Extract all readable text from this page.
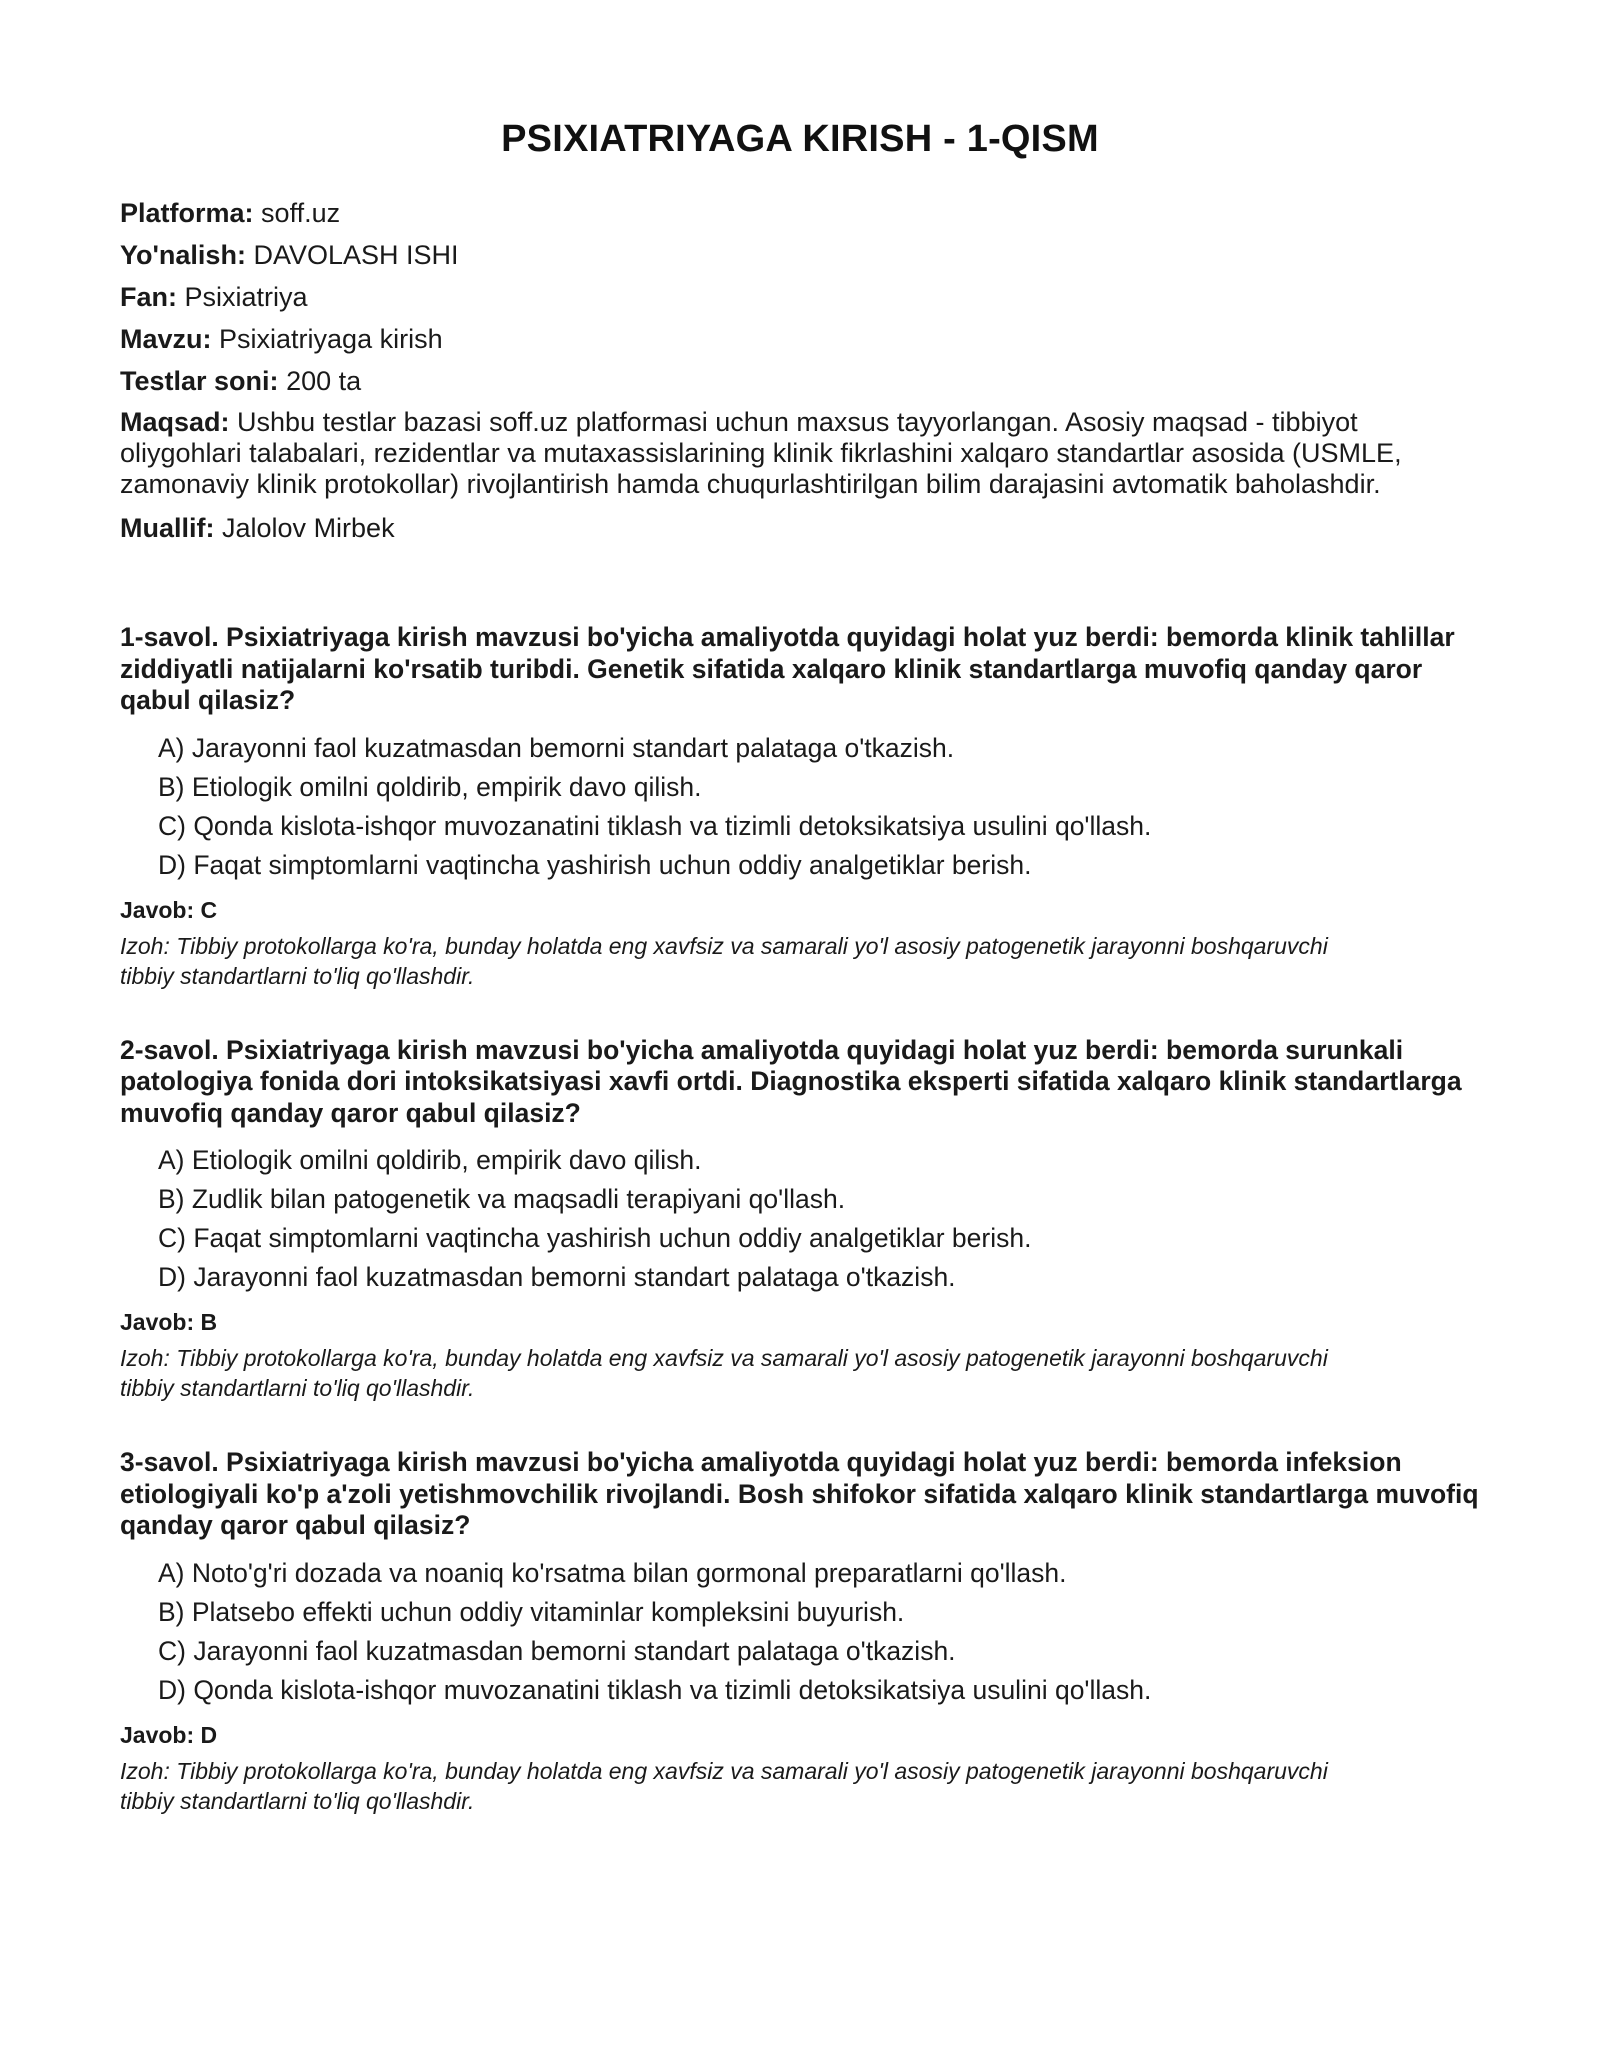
PSIXIATRIYAGA KIRISH - 1-QISM

Platforma: soff.uz

Yo'nalish: DAVOLASH ISHI

Fan: Psixiatriya

Mavzu: Psixiatriyaga kirish

Testlar soni: 200 ta

Maqsad: Ushbu testlar bazasi soff.uz platformasi uchun maxsus tayyorlangan. Asosiy maqsad - tibbiyot oliygohlari talabalari, rezidentlar va mutaxassislarining klinik fikrlashini xalqaro standartlar asosida (USMLE, zamonaviy klinik protokollar) rivojlantirish hamda chuqurlashtirilgan bilim darajasini avtomatik baholashdir.

Muallif: Jalolov Mirbek

1-savol. Psixiatriyaga kirish mavzusi bo'yicha amaliyotda quyidagi holat yuz berdi: bemorda klinik tahlillar ziddiyatli natijalarni ko'rsatib turibdi. Genetik sifatida xalqaro klinik standartlarga muvofiq qanday qaror qabul qilasiz?

A) Jarayonni faol kuzatmasdan bemorni standart palataga o'tkazish.
B) Etiologik omilni qoldirib, empirik davo qilish.
C) Qonda kislota-ishqor muvozanatini tiklash va tizimli detoksikatsiya usulini qo'llash.
D) Faqat simptomlarni vaqtincha yashirish uchun oddiy analgetiklar berish.

Javob: C

Izoh: Tibbiy protokollarga ko'ra, bunday holatda eng xavfsiz va samarali yo'l asosiy patogenetik jarayonni boshqaruvchi tibbiy standartlarni to'liq qo'llashdir.

2-savol. Psixiatriyaga kirish mavzusi bo'yicha amaliyotda quyidagi holat yuz berdi: bemorda surunkali patologiya fonida dori intoksikatsiyasi xavfi ortdi. Diagnostika eksperti sifatida xalqaro klinik standartlarga muvofiq qanday qaror qabul qilasiz?

A) Etiologik omilni qoldirib, empirik davo qilish.
B) Zudlik bilan patogenetik va maqsadli terapiyani qo'llash.
C) Faqat simptomlarni vaqtincha yashirish uchun oddiy analgetiklar berish.
D) Jarayonni faol kuzatmasdan bemorni standart palataga o'tkazish.

Javob: B

Izoh: Tibbiy protokollarga ko'ra, bunday holatda eng xavfsiz va samarali yo'l asosiy patogenetik jarayonni boshqaruvchi tibbiy standartlarni to'liq qo'llashdir.

3-savol. Psixiatriyaga kirish mavzusi bo'yicha amaliyotda quyidagi holat yuz berdi: bemorda infeksion etiologiyali ko'p a'zoli yetishmovchilik rivojlandi. Bosh shifokor sifatida xalqaro klinik standartlarga muvofiq qanday qaror qabul qilasiz?

A) Noto'g'ri dozada va noaniq ko'rsatma bilan gormonal preparatlarni qo'llash.
B) Platsebo effekti uchun oddiy vitaminlar kompleksini buyurish.
C) Jarayonni faol kuzatmasdan bemorni standart palataga o'tkazish.
D) Qonda kislota-ishqor muvozanatini tiklash va tizimli detoksikatsiya usulini qo'llash.

Javob: D

Izoh: Tibbiy protokollarga ko'ra, bunday holatda eng xavfsiz va samarali yo'l asosiy patogenetik jarayonni boshqaruvchi tibbiy standartlarni to'liq qo'llashdir.
